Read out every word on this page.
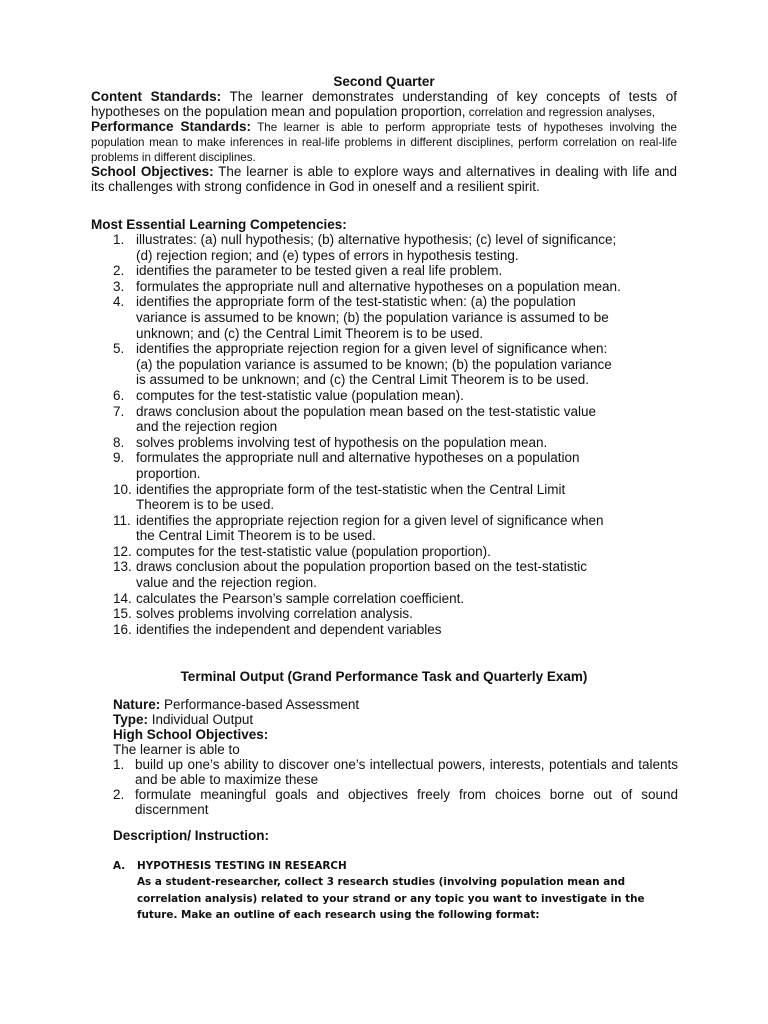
Second Quarter

Content Standards: The learner demonstrates understanding of key concepts of tests of hypotheses on the population mean and population proportion, correlation and regression analyses,

Performance Standards: The learner is able to perform appropriate tests of hypotheses involving the population mean to make inferences in real-life problems in different disciplines, perform correlation on real-life problems in different disciplines.

School Objectives: The learner is able to explore ways and alternatives in dealing with life and its challenges with strong confidence in God in oneself and a resilient spirit.

Most Essential Learning Competencies:
1. illustrates: (a) null hypothesis; (b) alternative hypothesis; (c) level of significance;
(d) rejection region; and (e) types of errors in hypothesis testing.
2. identifies the parameter to be tested given a real life problem.
3. formulates the appropriate null and alternative hypotheses on a population mean.
4. identifies the appropriate form of the test-statistic when: (a) the population
variance is assumed to be known; (b) the population variance is assumed to be
unknown; and (c) the Central Limit Theorem is to be used.
5. identifies the appropriate rejection region for a given level of significance when:
(a) the population variance is assumed to be known; (b) the population variance
is assumed to be unknown; and (c) the Central Limit Theorem is to be used.
6. computes for the test-statistic value (population mean).
7. draws conclusion about the population mean based on the test-statistic value
and the rejection region
8. solves problems involving test of hypothesis on the population mean.
9. formulates the appropriate null and alternative hypotheses on a population
proportion.
10. identifies the appropriate form of the test-statistic when the Central Limit
Theorem is to be used.
11. identifies the appropriate rejection region for a given level of significance when
the Central Limit Theorem is to be used.
12. computes for the test-statistic value (population proportion).
13. draws conclusion about the population proportion based on the test-statistic
value and the rejection region.
14. calculates the Pearson’s sample correlation coefficient.
15. solves problems involving correlation analysis.
16. identifies the independent and dependent variables
Terminal Output (Grand Performance Task and Quarterly Exam)

Nature: Performance-based Assessment

Type: Individual Output

High School Objectives:

The learner is able to

1. build up one’s ability to discover one’s intellectual powers, interests, potentials and talents and be able to maximize these
2. formulate meaningful goals and objectives freely from choices borne out of sound discernment
Description/ Instruction:
A. HYPOTHESIS TESTING IN RESEARCH
As a student-researcher, collect 3 research studies (involving population mean and correlation analysis) related to your strand or any topic you want to investigate in the future. Make an outline of each research using the following format:
